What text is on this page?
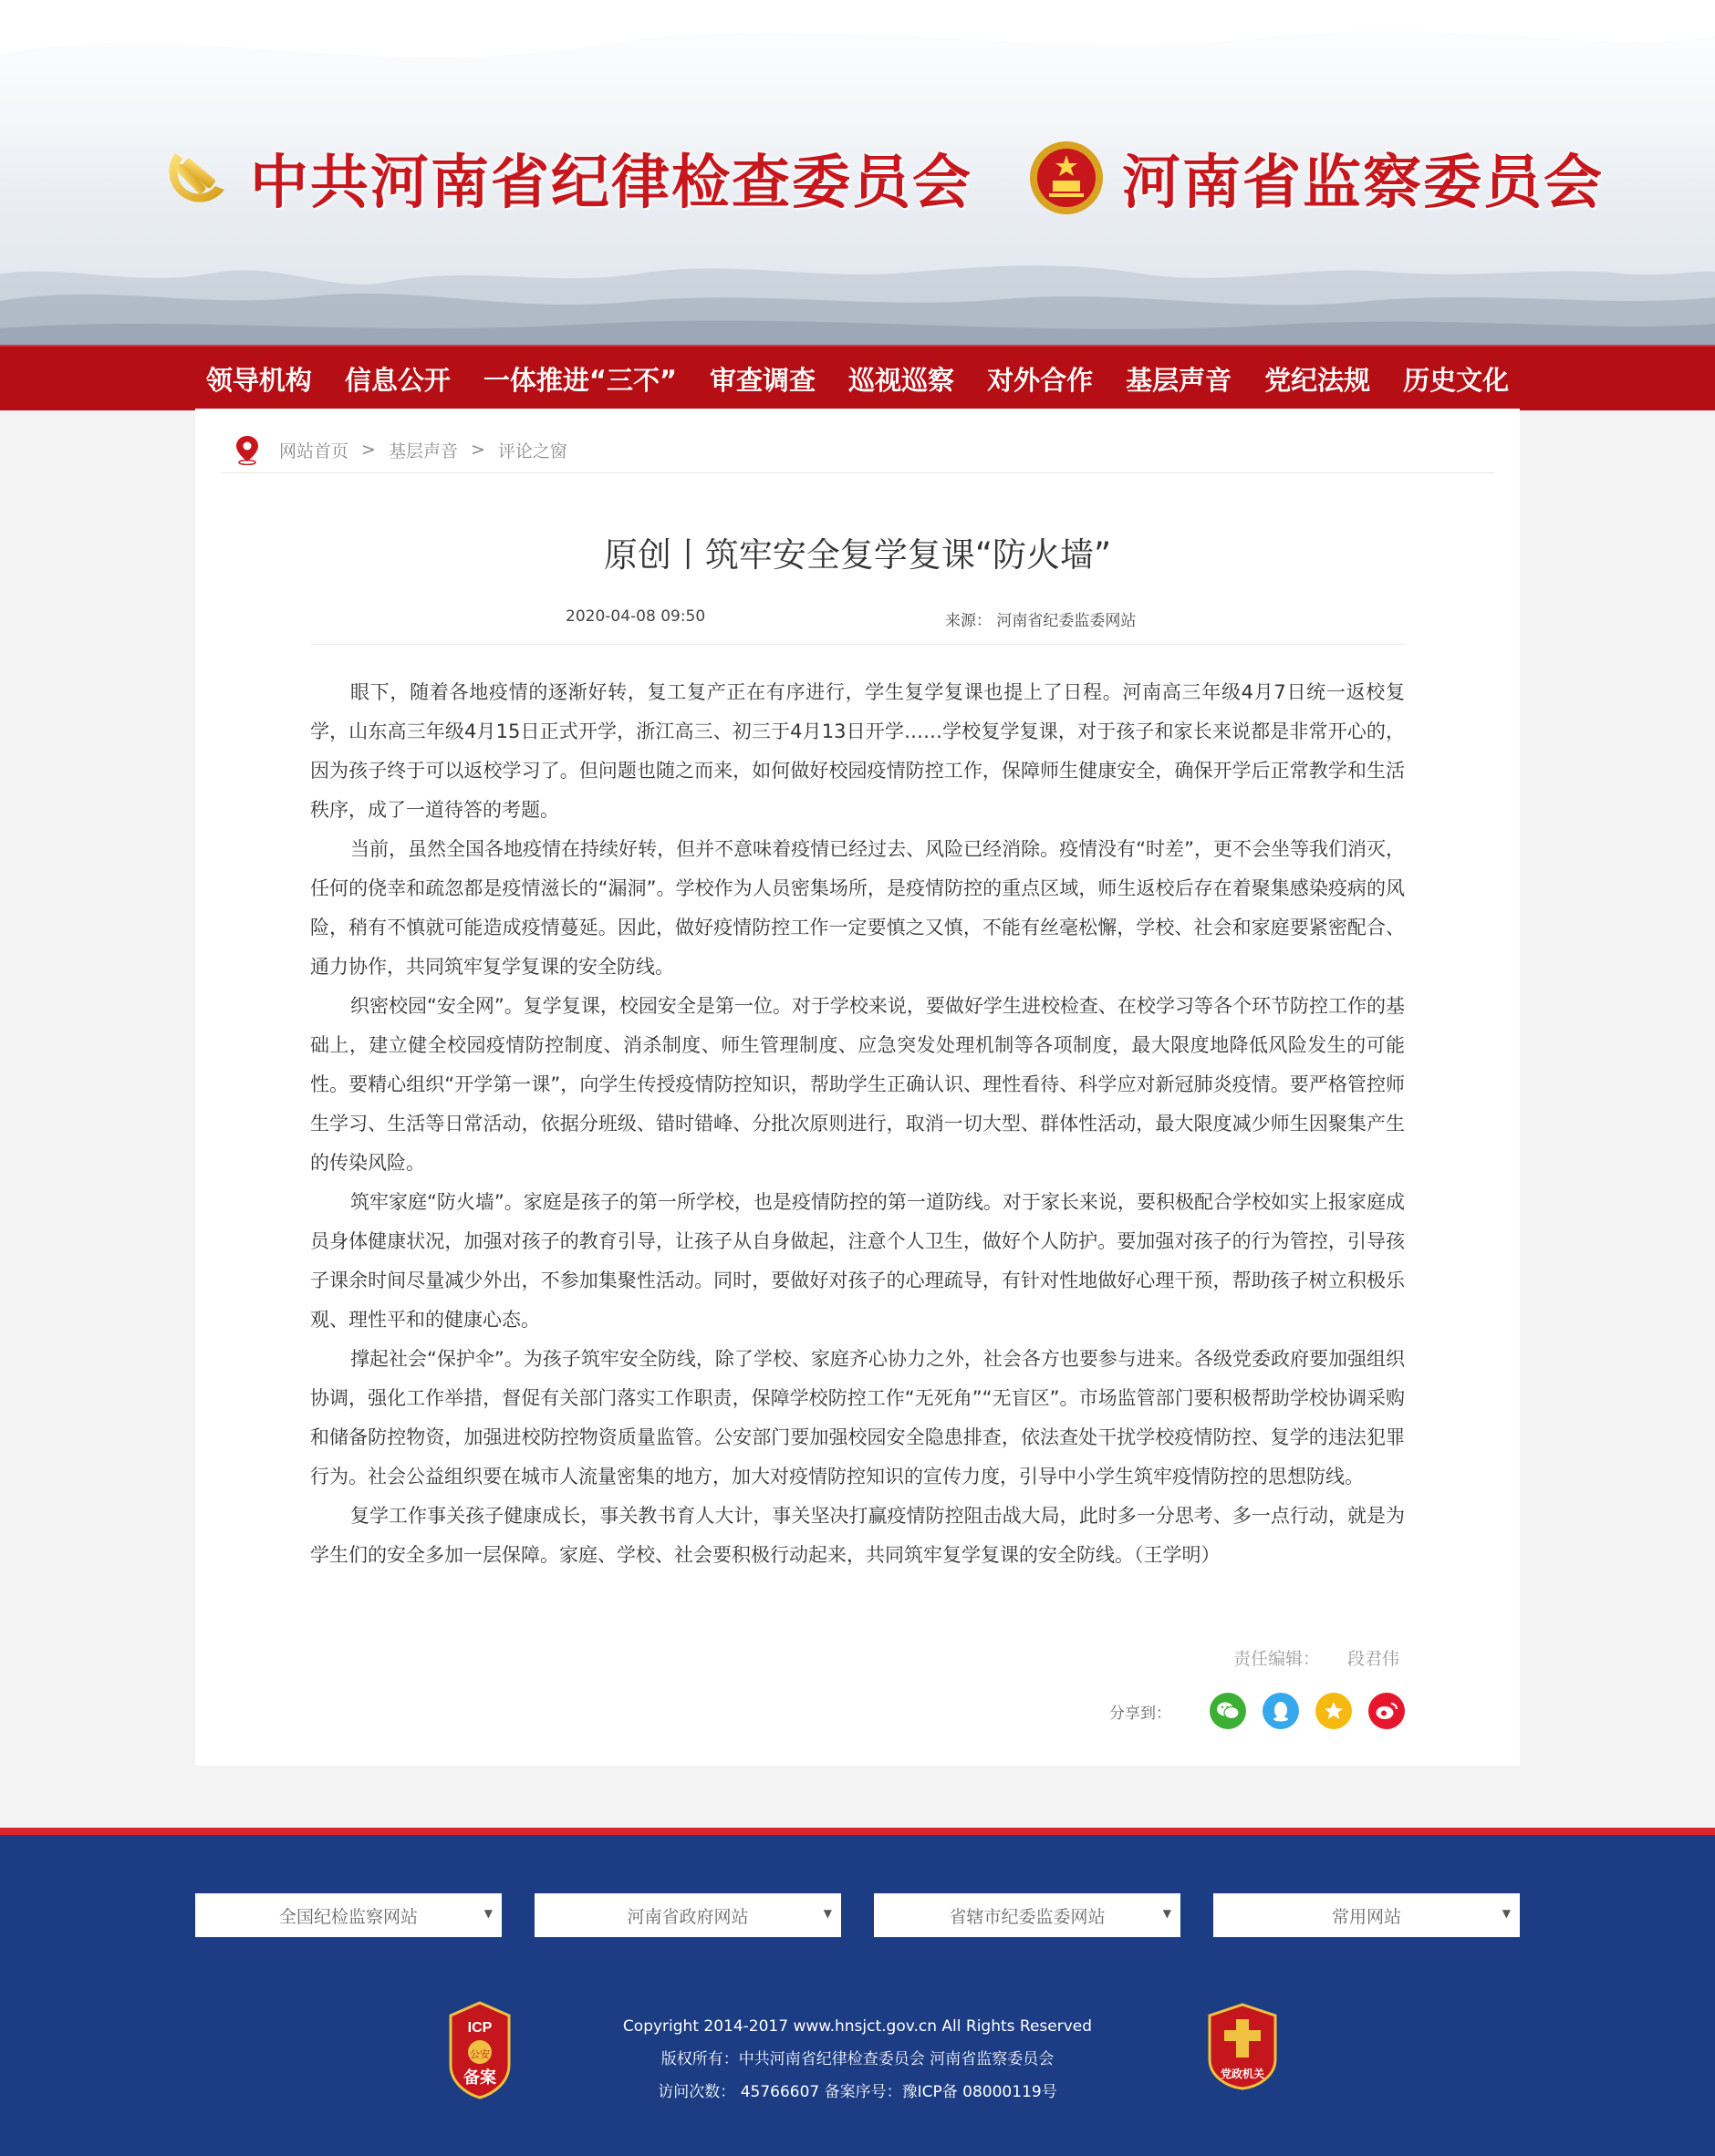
中共河南省纪律检查委员会	河南省监察委员会
领导机构 信息公开 一体推进“三不” 审查调查 巡视巡察 对外合作 基层声音 党纪法规 历史文化
网站首页 > 基层声音 > 评论之窗
原创丨筑牢安全复学复课“防火墙”
2020-04-08 09:50	来源： 河南省纪委监委网站

眼下，随着各地疫情的逐渐好转，复工复产正在有序进行，学生复学复课也提上了日程。河南高三年级4月7日统一返校复学，山东高三年级4月15日正式开学，浙江高三、初三于4月13日开学……学校复学复课，对于孩子和家长来说都是非常开心的，因为孩子终于可以返校学习了。但问题也随之而来，如何做好校园疫情防控工作，保障师生健康安全，确保开学后正常教学和生活秩序，成了一道待答的考题。

当前，虽然全国各地疫情在持续好转，但并不意味着疫情已经过去、风险已经消除。疫情没有“时差”，更不会坐等我们消灭，任何的侥幸和疏忽都是疫情滋长的“漏洞”。学校作为人员密集场所，是疫情防控的重点区域，师生返校后存在着聚集感染疫病的风险，稍有不慎就可能造成疫情蔓延。因此，做好疫情防控工作一定要慎之又慎，不能有丝毫松懈，学校、社会和家庭要紧密配合、通力协作，共同筑牢复学复课的安全防线。

织密校园“安全网”。复学复课，校园安全是第一位。对于学校来说，要做好学生进校检查、在校学习等各个环节防控工作的基础上，建立健全校园疫情防控制度、消杀制度、师生管理制度、应急突发处理机制等各项制度，最大限度地降低风险发生的可能性。要精心组织“开学第一课”，向学生传授疫情防控知识，帮助学生正确认识、理性看待、科学应对新冠肺炎疫情。要严格管控师生学习、生活等日常活动，依据分班级、错时错峰、分批次原则进行，取消一切大型、群体性活动，最大限度减少师生因聚集产生的传染风险。

筑牢家庭“防火墙”。家庭是孩子的第一所学校，也是疫情防控的第一道防线。对于家长来说，要积极配合学校如实上报家庭成员身体健康状况，加强对孩子的教育引导，让孩子从自身做起，注意个人卫生，做好个人防护。要加强对孩子的行为管控，引导孩子课余时间尽量减少外出，不参加集聚性活动。同时，要做好对孩子的心理疏导，有针对性地做好心理干预，帮助孩子树立积极乐观、理性平和的健康心态。

撑起社会“保护伞”。为孩子筑牢安全防线，除了学校、家庭齐心协力之外，社会各方也要参与进来。各级党委政府要加强组织协调，强化工作举措，督促有关部门落实工作职责，保障学校防控工作“无死角”“无盲区”。市场监管部门要积极帮助学校协调采购和储备防控物资，加强进校防控物资质量监管。公安部门要加强校园安全隐患排查，依法查处干扰学校疫情防控、复学的违法犯罪行为。社会公益组织要在城市人流量密集的地方，加大对疫情防控知识的宣传力度，引导中小学生筑牢疫情防控的思想防线。

复学工作事关孩子健康成长，事关教书育人大计，事关坚决打赢疫情防控阻击战大局，此时多一分思考、多一点行动，就是为学生们的安全多加一层保障。家庭、学校、社会要积极行动起来，共同筑牢复学复课的安全防线。（王学明）

责任编辑： 段君伟
分享到：
全国纪检监察网站	▼	河南省政府网站	▼	省辖市纪委监委网站	▼	常用网站	▼
ICP
公安
备案
Copyright 2014-2017 www.hnsjct.gov.cn All Rights Reserved
版权所有：中共河南省纪律检查委员会 河南省监察委员会
访问次数： 45766607 备案序号：豫ICP备 08000119号
党政机关
